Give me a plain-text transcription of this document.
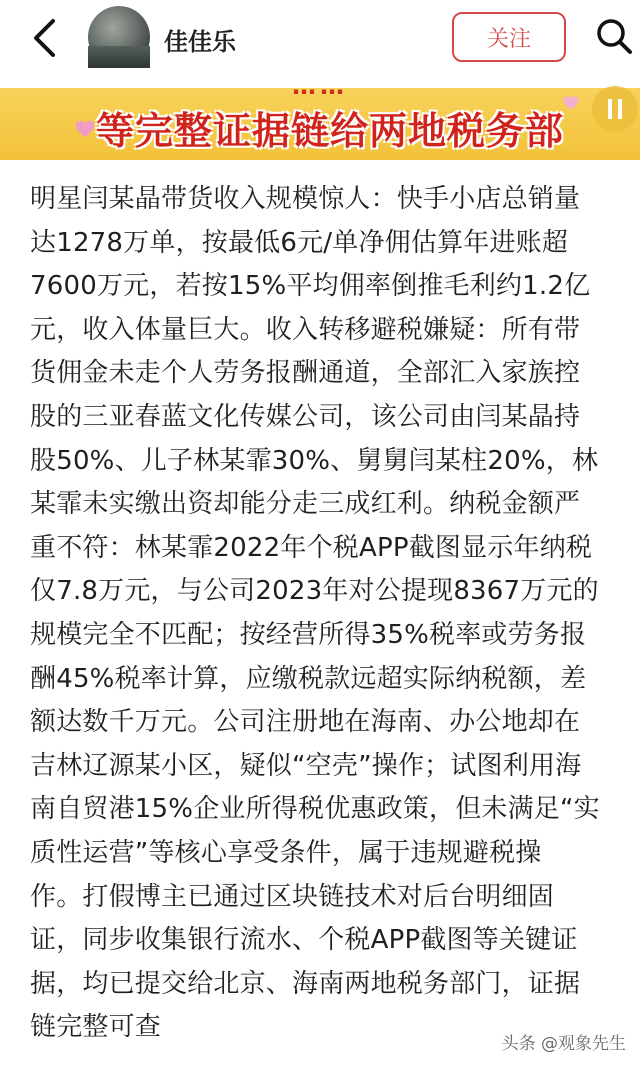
佳佳乐	关注
……
等完整证据链给两地税务部
明星闫某晶带货收入规模惊人：快手小店总销量
达1278万单，按最低6元/单净佣估算年进账超
7600万元，若按15%平均佣率倒推毛利约1.2亿
元，收入体量巨大。收入转移避税嫌疑：所有带
货佣金未走个人劳务报酬通道，全部汇入家族控
股的三亚春蓝文化传媒公司，该公司由闫某晶持
股50%、儿子林某霏30%、舅舅闫某柱20%，林
某霏未实缴出资却能分走三成红利。纳税金额严
重不符：林某霏2022年个税APP截图显示年纳税
仅7.8万元，与公司2023年对公提现8367万元的
规模完全不匹配；按经营所得35%税率或劳务报
酬45%税率计算，应缴税款远超实际纳税额，差
额达数千万元。公司注册地在海南、办公地却在
吉林辽源某小区，疑似“空壳”操作；试图利用海
南自贸港15%企业所得税优惠政策，但未满足“实
质性运营”等核心享受条件，属于违规避税操
作。打假博主已通过区块链技术对后台明细固
证，同步收集银行流水、个税APP截图等关键证
据，均已提交给北京、海南两地税务部门，证据
链完整可查
头条 @观象先生
